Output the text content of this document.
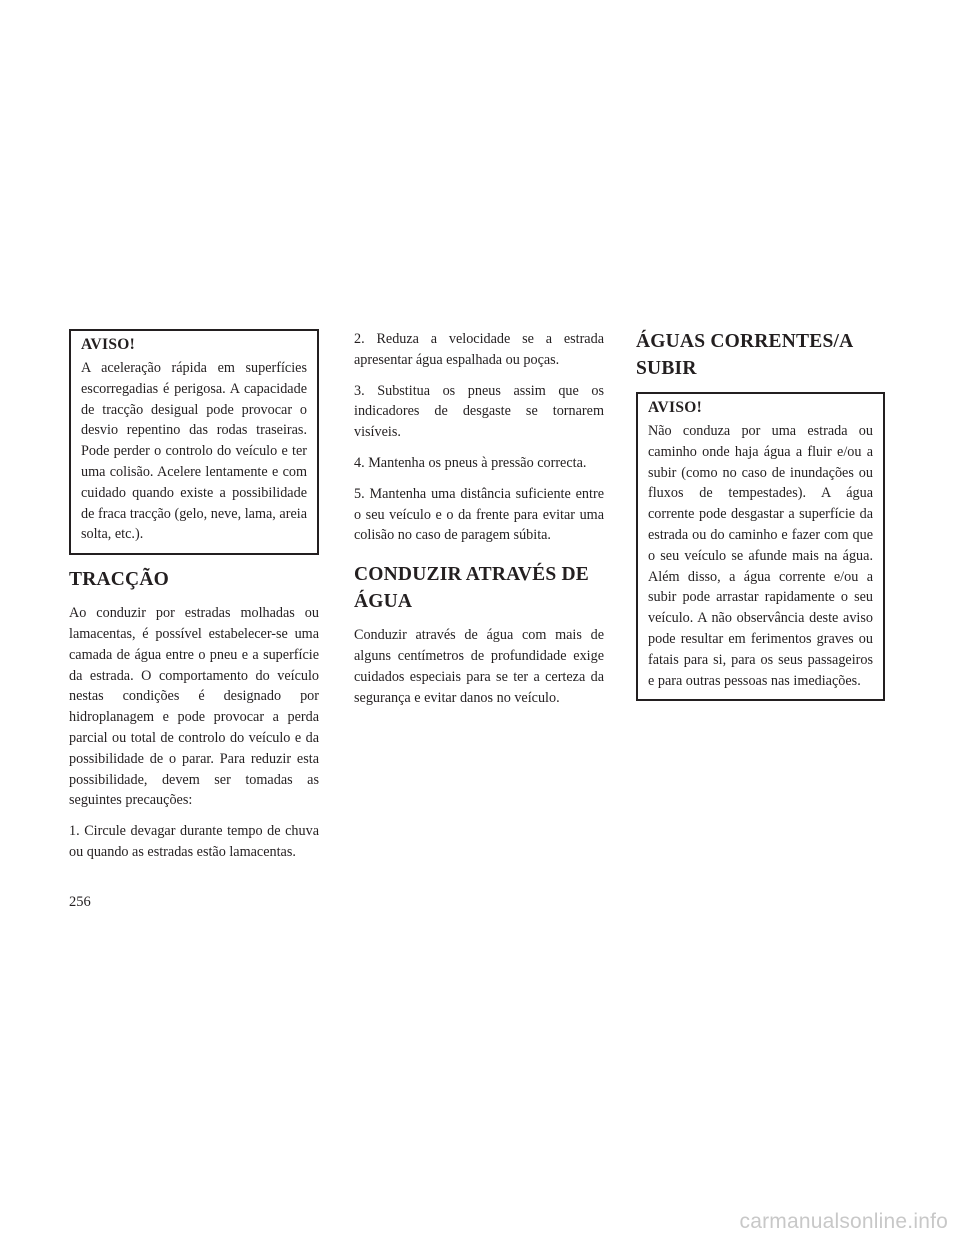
AVISO!

A aceleração rápida em superfícies escorregadias é perigosa. A capacidade de tracção desigual pode provocar o desvio repentino das rodas traseiras. Pode perder o controlo do veículo e ter uma colisão. Acelere lentamente e com cuidado quando existe a possibilidade de fraca tracção (gelo, neve, lama, areia solta, etc.).

TRACÇÃO

Ao conduzir por estradas molhadas ou lamacentas, é possível estabelecer-se uma camada de água entre o pneu e a superfície da estrada. O comportamento do veículo nestas condições é designado por hidroplanagem e pode provocar a perda parcial ou total de controlo do veículo e da possibilidade de o parar. Para reduzir esta possibilidade, devem ser tomadas as seguintes precauções:

1. Circule devagar durante tempo de chuva ou quando as estradas estão lamacentas.

2. Reduza a velocidade se a estrada apresentar água espalhada ou poças.

3. Substitua os pneus assim que os indicadores de desgaste se tornarem visíveis.

4. Mantenha os pneus à pressão correcta.

5. Mantenha uma distância suficiente entre o seu veículo e o da frente para evitar uma colisão no caso de paragem súbita.

CONDUZIR ATRAVÉS DE ÁGUA

Conduzir através de água com mais de alguns centímetros de profundidade exige cuidados especiais para se ter a certeza da segurança e evitar danos no veículo.

ÁGUAS CORRENTES/A SUBIR
AVISO!

Não conduza por uma estrada ou caminho onde haja água a fluir e/ou a subir (como no caso de inundações ou fluxos de tempestades). A água corrente pode desgastar a superfície da estrada ou do caminho e fazer com que o seu veículo se afunde mais na água. Além disso, a água corrente e/ou a subir pode arrastar rapidamente o seu veículo. A não observância deste aviso pode resultar em ferimentos graves ou fatais para si, para os seus passageiros e para outras pessoas nas imediações.

256

carmanualsonline.info
